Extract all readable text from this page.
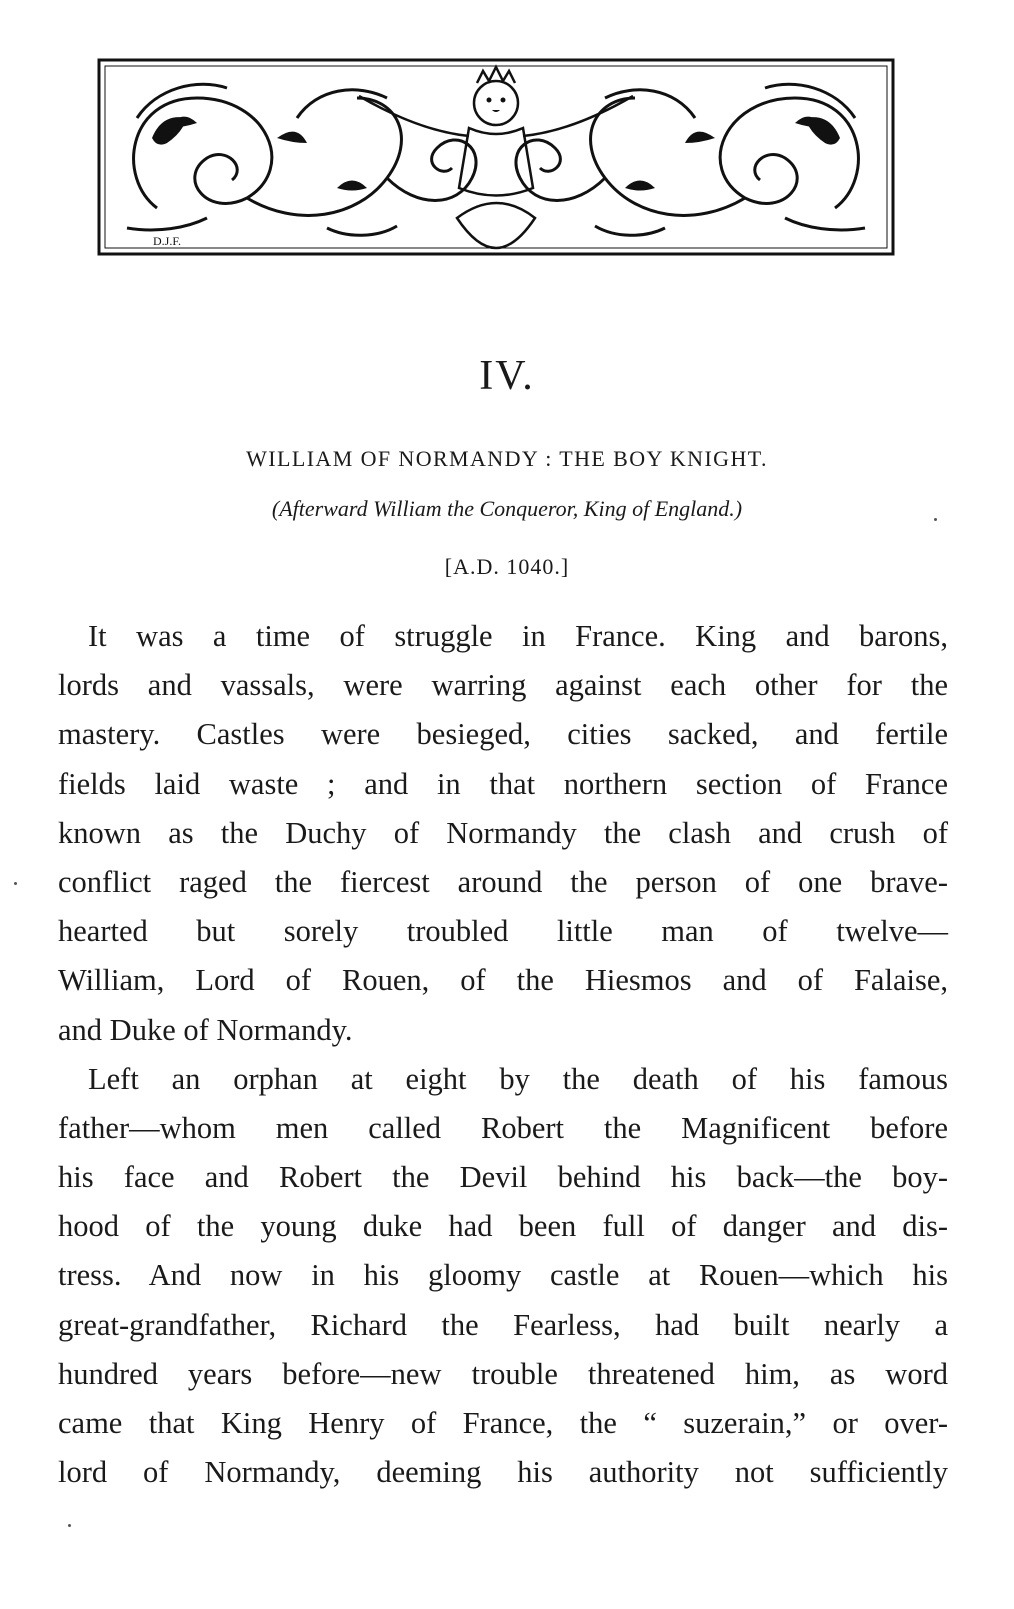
D.J.F.
IV.
WILLIAM OF NORMANDY : THE BOY KNIGHT.
(Afterward William the Conqueror, King of England.)
[A.D. 1040.]
It was a time of struggle in France. King and barons,
lords and vassals, were warring against each other for the
mastery. Castles were besieged, cities sacked, and fertile
fields laid waste ; and in that northern section of France
known as the Duchy of Normandy the clash and crush of
conflict raged the fiercest around the person of one brave-
hearted but sorely troubled little man of twelve—
William, Lord of Rouen, of the Hiesmos and of Falaise,
and Duke of Normandy.
Left an orphan at eight by the death of his famous
father—whom men called Robert the Magnificent before
his face and Robert the Devil behind his back—the boy-
hood of the young duke had been full of danger and dis-
tress. And now in his gloomy castle at Rouen—which his
great-grandfather, Richard the Fearless, had built nearly a
hundred years before—new trouble threatened him, as word
came that King Henry of France, the “ suzerain,” or over-
lord of Normandy, deeming his authority not sufficiently
